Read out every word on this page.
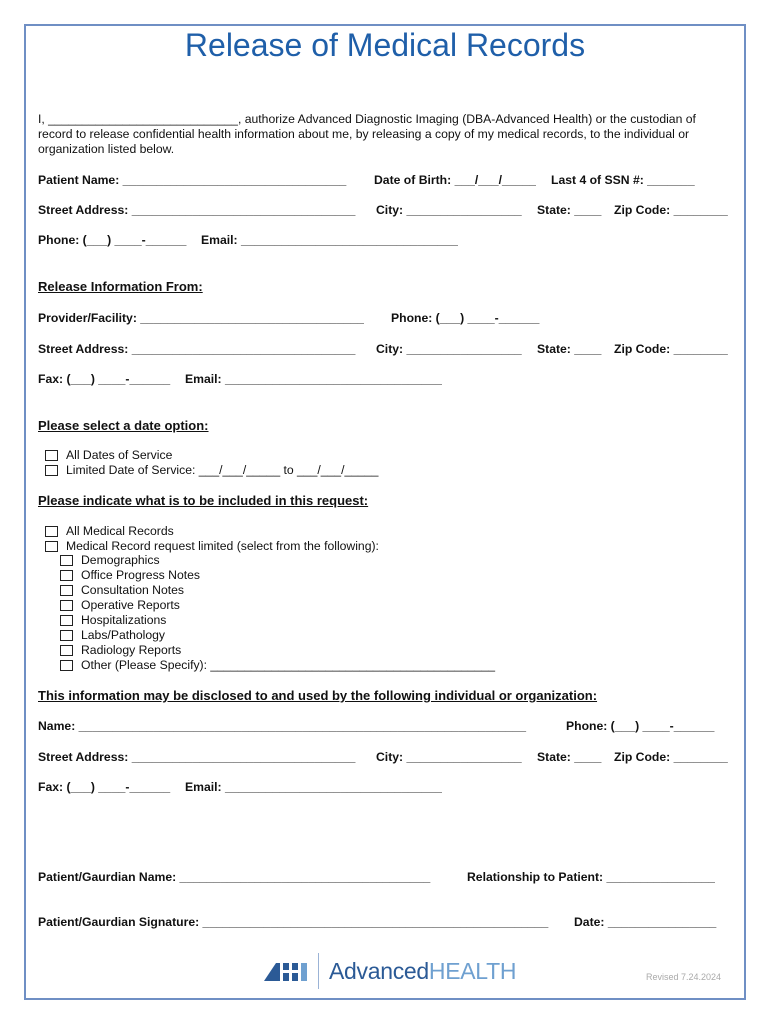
Release of Medical Records
I, ____________________________, authorize Advanced Diagnostic Imaging (DBA-Advanced Health) or the custodian of
record to release confidential health information about me, by releasing a copy of my medical records, to the individual or
organization listed below.
Patient Name: _________________________________ Date of Birth: ___/___/_____ Last 4 of SSN #: _______
Street Address: _________________________________ City: _________________ State: ____ Zip Code: ________
Phone: (___) ____-______ Email: ________________________________
Release Information From:
Provider/Facility: _________________________________ Phone: (___) ____-______
Street Address: _________________________________ City: _________________ State: ____ Zip Code: ________
Fax: (___) ____-______ Email: ________________________________
Please select a date option:
All Dates of Service
Limited Date of Service: ___/___/_____ to ___/___/_____
Please indicate what is to be included in this request:
All Medical Records
Medical Record request limited (select from the following):
Demographics
Office Progress Notes
Consultation Notes
Operative Reports
Hospitalizations
Labs/Pathology
Radiology Reports
Other (Please Specify): __________________________________________
This information may be disclosed to and used by the following individual or organization:
Name: __________________________________________________________________	Phone: (___) ____-______
Street Address: _________________________________ City: _________________ State: ____ Zip Code: ________
Fax: (___) ____-______ Email: ________________________________
Patient/Gaurdian Name: _____________________________________	Relationship to Patient: ________________
Patient/Gaurdian Signature: ___________________________________________________ Date: ________________
AdvancedHEALTH	Revised 7.24.2024
